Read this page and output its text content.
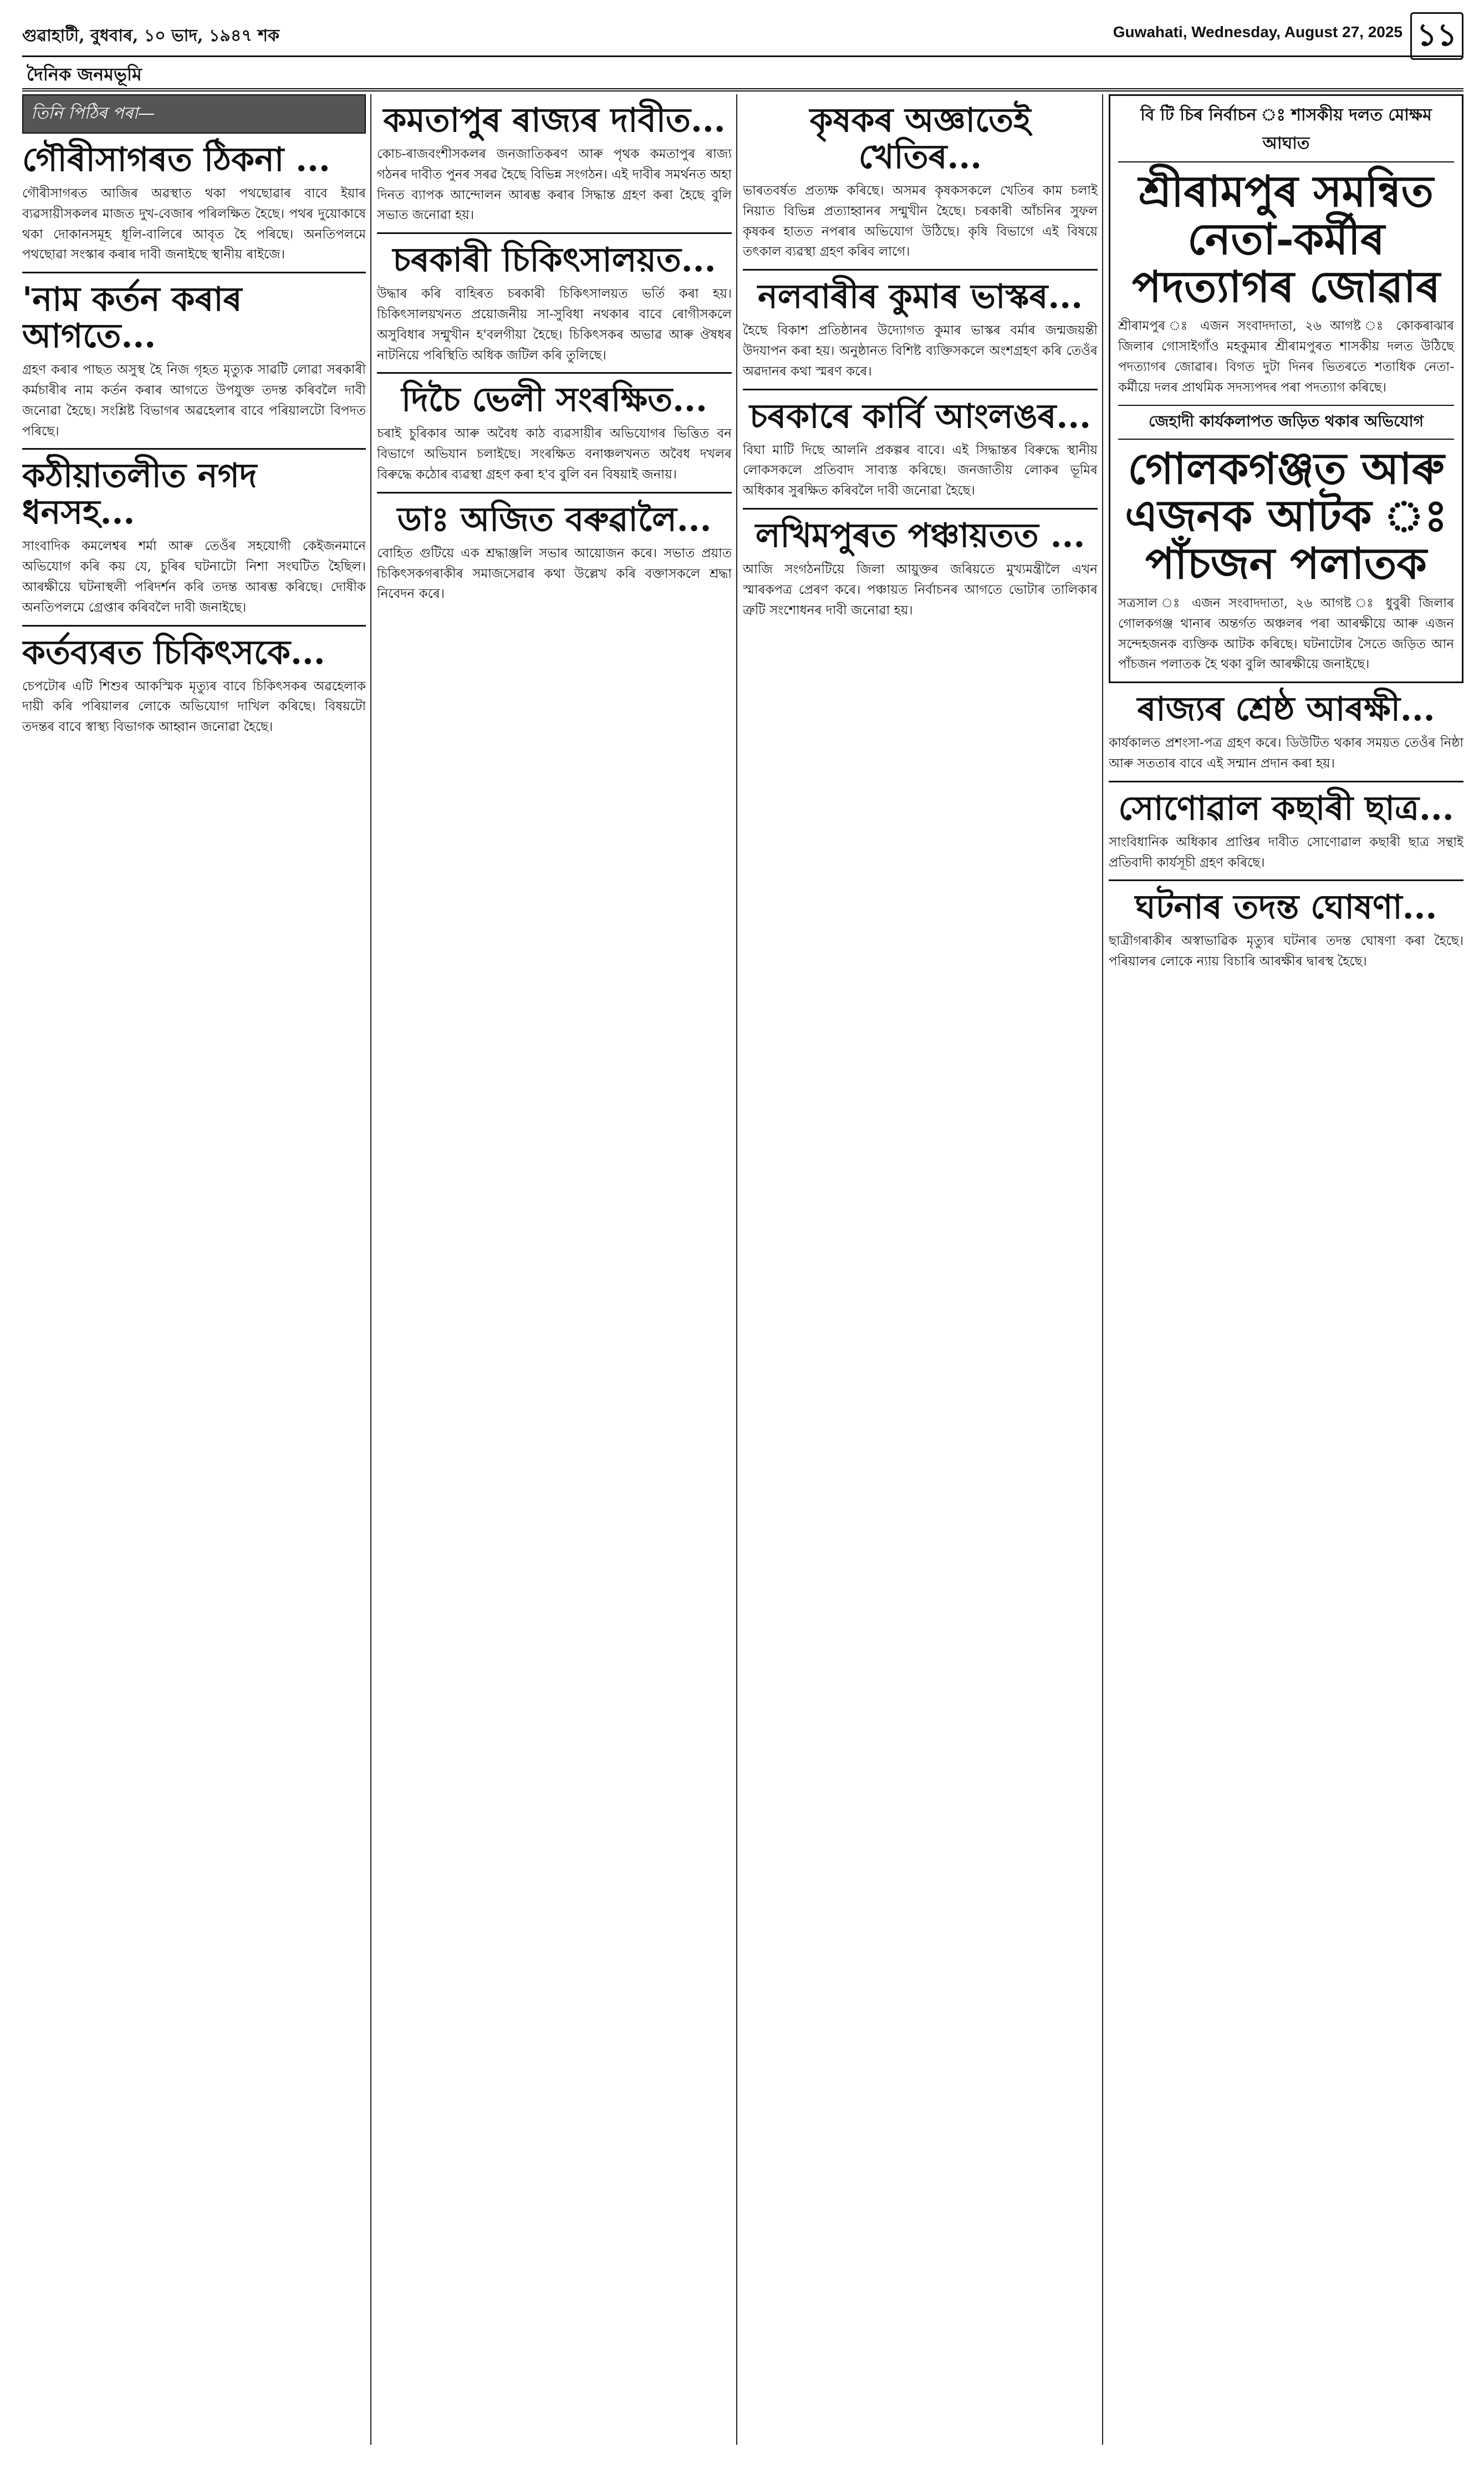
গুৱাহাটী, বুধবাৰ, ১০ ভাদ, ১৯৪৭ শক	Guwahati, Wednesday, August 27, 2025 ১১
দৈনিক জনমভূমি
তিনি পিঠিৰ পৰা—
গৌৰীসাগৰত ঠিকনা ...

গৌৰীসাগৰত আজিৰ অৱস্থাত থকা পথছোৱাৰ বাবে ইয়াৰ ব্যৱসায়ীসকলৰ মাজত দুখ-বেজাৰ পৰিলক্ষিত হৈছে। পথৰ দুয়োকাষে থকা দোকানসমূহ ধূলি-বালিৰে আবৃত হৈ পৰিছে। অনতিপলমে পথছোৱা সংস্কাৰ কৰাৰ দাবী জনাইছে স্থানীয় ৰাইজে।

'নাম কৰ্তন কৰাৰ আগতে...

গ্ৰহণ কৰাৰ পাছত অসুস্থ হৈ নিজ গৃহত মৃত্যুক সাৱটি লোৱা সৰকাৰী কৰ্মচাৰীৰ নাম কৰ্তন কৰাৰ আগতে উপযুক্ত তদন্ত কৰিবলৈ দাবী জনোৱা হৈছে। সংশ্লিষ্ট বিভাগৰ অৱহেলাৰ বাবে পৰিয়ালটো বিপদত পৰিছে।

কঠীয়াতলীত নগদ ধনসহ...

সাংবাদিক কমলেশ্বৰ শৰ্মা আৰু তেওঁৰ সহযোগী কেইজনমানে অভিযোগ কৰি কয় যে, চুৰিৰ ঘটনাটো নিশা সংঘটিত হৈছিল। আৰক্ষীয়ে ঘটনাস্থলী পৰিদৰ্শন কৰি তদন্ত আৰম্ভ কৰিছে। দোষীক অনতিপলমে গ্ৰেপ্তাৰ কৰিবলৈ দাবী জনাইছে।

কৰ্তব্যৰত চিকিৎসকে...

চেপটোৰ এটি শিশুৰ আকস্মিক মৃত্যুৰ বাবে চিকিৎসকৰ অৱহেলাক দায়ী কৰি পৰিয়ালৰ লোকে অভিযোগ দাখিল কৰিছে। বিষয়টো তদন্তৰ বাবে স্বাস্থ্য বিভাগক আহ্বান জনোৱা হৈছে।

কমতাপুৰ ৰাজ্যৰ দাবীত...

কোচ-ৰাজবংশীসকলৰ জনজাতিকৰণ আৰু পৃথক কমতাপুৰ ৰাজ্য গঠনৰ দাবীত পুনৰ সৰৱ হৈছে বিভিন্ন সংগঠন। এই দাবীৰ সমৰ্থনত অহা দিনত ব্যাপক আন্দোলন আৰম্ভ কৰাৰ সিদ্ধান্ত গ্ৰহণ কৰা হৈছে বুলি সভাত জনোৱা হয়।

চৰকাৰী চিকিৎসালয়ত...

উদ্ধাৰ কৰি বাহিৰত চৰকাৰী চিকিৎসালয়ত ভৰ্তি কৰা হয়। চিকিৎসালয়খনত প্ৰয়োজনীয় সা-সুবিধা নথকাৰ বাবে ৰোগীসকলে অসুবিধাৰ সন্মুখীন হ'বলগীয়া হৈছে। চিকিৎসকৰ অভাৱ আৰু ঔষধৰ নাটনিয়ে পৰিস্থিতি অধিক জটিল কৰি তুলিছে।

দিচৈ ভেলী সংৰক্ষিত...

চৰাই চুৰিকাৰ আৰু অবৈধ কাঠ ব্যৱসায়ীৰ অভিযোগৰ ভিত্তিত বন বিভাগে অভিযান চলাইছে। সংৰক্ষিত বনাঞ্চলখনত অবৈধ দখলৰ বিৰুদ্ধে কঠোৰ ব্যৱস্থা গ্ৰহণ কৰা হ'ব বুলি বন বিষয়াই জনায়।

ডাঃ অজিত বৰুৱালৈ...

বোহিত গুটিয়ে এক শ্ৰদ্ধাঞ্জলি সভাৰ আয়োজন কৰে। সভাত প্ৰয়াত চিকিৎসকগৰাকীৰ সমাজসেৱাৰ কথা উল্লেখ কৰি বক্তাসকলে শ্ৰদ্ধা নিবেদন কৰে।

কৃষকৰ অজ্ঞাতেই খেতিৰ...

ভাৰতবৰ্ষত প্ৰত্যক্ষ কৰিছে। অসমৰ কৃষকসকলে খেতিৰ কাম চলাই নিয়াত বিভিন্ন প্ৰত্যাহ্বানৰ সন্মুখীন হৈছে। চৰকাৰী আঁচনিৰ সুফল কৃষকৰ হাতত নপৰাৰ অভিযোগ উঠিছে। কৃষি বিভাগে এই বিষয়ে তৎকাল ব্যৱস্থা গ্ৰহণ কৰিব লাগে।

নলবাৰীৰ কুমাৰ ভাস্কৰ...

হৈছে বিকাশ প্ৰতিষ্ঠানৰ উদ্যোগত কুমাৰ ভাস্কৰ বৰ্মাৰ জন্মজয়ন্তী উদযাপন কৰা হয়। অনুষ্ঠানত বিশিষ্ট ব্যক্তিসকলে অংশগ্ৰহণ কৰি তেওঁৰ অৱদানৰ কথা স্মৰণ কৰে।

চৰকাৰে কাৰ্বি আংলঙৰ...

বিঘা মাটি দিছে আলনি প্ৰকল্পৰ বাবে। এই সিদ্ধান্তৰ বিৰুদ্ধে স্থানীয় লোকসকলে প্ৰতিবাদ সাব্যস্ত কৰিছে। জনজাতীয় লোকৰ ভূমিৰ অধিকাৰ সুৰক্ষিত কৰিবলৈ দাবী জনোৱা হৈছে।

লখিমপুৰত পঞ্চায়তত ...

আজি সংগঠনটিয়ে জিলা আয়ুক্তৰ জৰিয়তে মুখ্যমন্ত্ৰীলৈ এখন স্মাৰকপত্ৰ প্ৰেৰণ কৰে। পঞ্চায়ত নিৰ্বাচনৰ আগতে ভোটাৰ তালিকাৰ ত্ৰুটি সংশোধনৰ দাবী জনোৱা হয়।

বি টি চিৰ নিৰ্বাচন ঃ শাসকীয় দলত মোক্ষম আঘাত
শ্ৰীৰামপুৰ সমন্বিত নেতা-কৰ্মীৰ পদত্যাগৰ জোৱাৰ

শ্ৰীৰামপুৰ ঃ এজন সংবাদদাতা, ২৬ আগষ্ট ঃ কোকৰাঝাৰ জিলাৰ গোসাইগাঁও মহকুমাৰ শ্ৰীৰামপুৰত শাসকীয় দলত উঠিছে পদত্যাগৰ জোৱাৰ। বিগত দুটা দিনৰ ভিতৰতে শতাধিক নেতা-কৰ্মীয়ে দলৰ প্ৰাথমিক সদস্যপদৰ পৰা পদত্যাগ কৰিছে।

জেহাদী কাৰ্যকলাপত জড়িত থকাৰ অভিযোগ
গোলকগঞ্জত আৰু এজনক আটক ঃ পাঁচজন পলাতক

সত্ৰসাল ঃ এজন সংবাদদাতা, ২৬ আগষ্ট ঃ ধুবুৰী জিলাৰ গোলকগঞ্জ থানাৰ অন্তৰ্গত অঞ্চলৰ পৰা আৰক্ষীয়ে আৰু এজন সন্দেহজনক ব্যক্তিক আটক কৰিছে। ঘটনাটোৰ সৈতে জড়িত আন পাঁচজন পলাতক হৈ থকা বুলি আৰক্ষীয়ে জনাইছে।

ৰাজ্যৰ শ্ৰেষ্ঠ আৰক্ষী...

কাৰ্যকালত প্ৰশংসা-পত্ৰ গ্ৰহণ কৰে। ডিউটিত থকাৰ সময়ত তেওঁৰ নিষ্ঠা আৰু সততাৰ বাবে এই সন্মান প্ৰদান কৰা হয়।

সোণোৱাল কছাৰী ছাত্ৰ...

সাংবিধানিক অধিকাৰ প্ৰাপ্তিৰ দাবীত সোণোৱাল কছাৰী ছাত্ৰ সন্থাই প্ৰতিবাদী কাৰ্যসূচী গ্ৰহণ কৰিছে।

ঘটনাৰ তদন্ত ঘোষণা...

ছাত্ৰীগৰাকীৰ অস্বাভাৱিক মৃত্যুৰ ঘটনাৰ তদন্ত ঘোষণা কৰা হৈছে। পৰিয়ালৰ লোকে ন্যায় বিচাৰি আৰক্ষীৰ দ্বাৰস্থ হৈছে।
